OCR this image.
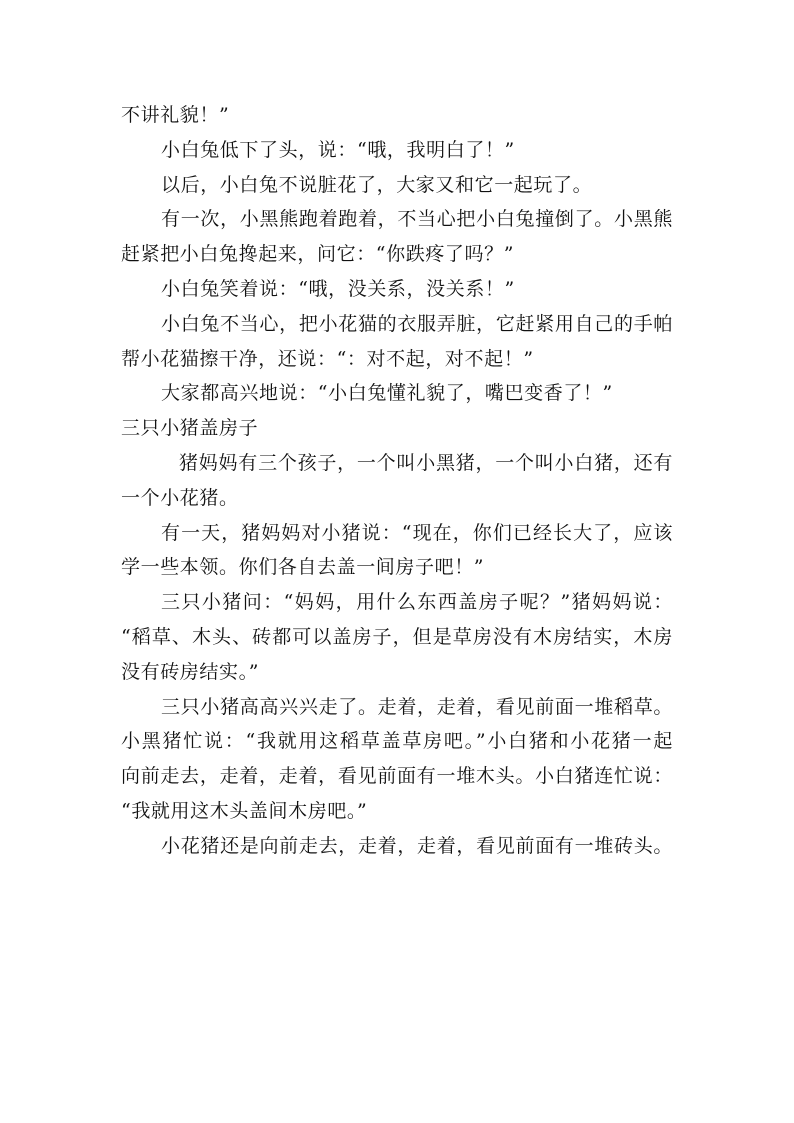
不讲礼貌！”
小白兔低下了头，说：“哦，我明白了！”
以后，小白兔不说脏花了，大家又和它一起玩了。
有一次，小黑熊跑着跑着，不当心把小白兔撞倒了。小黑熊
赶紧把小白兔搀起来，问它：“你跌疼了吗？”
小白兔笑着说：“哦，没关系，没关系！”
小白兔不当心，把小花猫的衣服弄脏，它赶紧用自己的手帕
帮小花猫擦干净，还说：“：对不起，对不起！”
大家都高兴地说：“小白兔懂礼貌了，嘴巴变香了！”
三只小猪盖房子
猪妈妈有三个孩子，一个叫小黑猪，一个叫小白猪，还有
一个小花猪。
有一天，猪妈妈对小猪说：“现在，你们已经长大了，应该
学一些本领。你们各自去盖一间房子吧！”
三只小猪问：“妈妈，用什么东西盖房子呢？”猪妈妈说：
“稻草、木头、砖都可以盖房子，但是草房没有木房结实，木房
没有砖房结实。”
三只小猪高高兴兴走了。走着，走着，看见前面一堆稻草。
小黑猪忙说：“我就用这稻草盖草房吧。”小白猪和小花猪一起
向前走去，走着，走着，看见前面有一堆木头。小白猪连忙说：
“我就用这木头盖间木房吧。”
小花猪还是向前走去，走着，走着，看见前面有一堆砖头。
